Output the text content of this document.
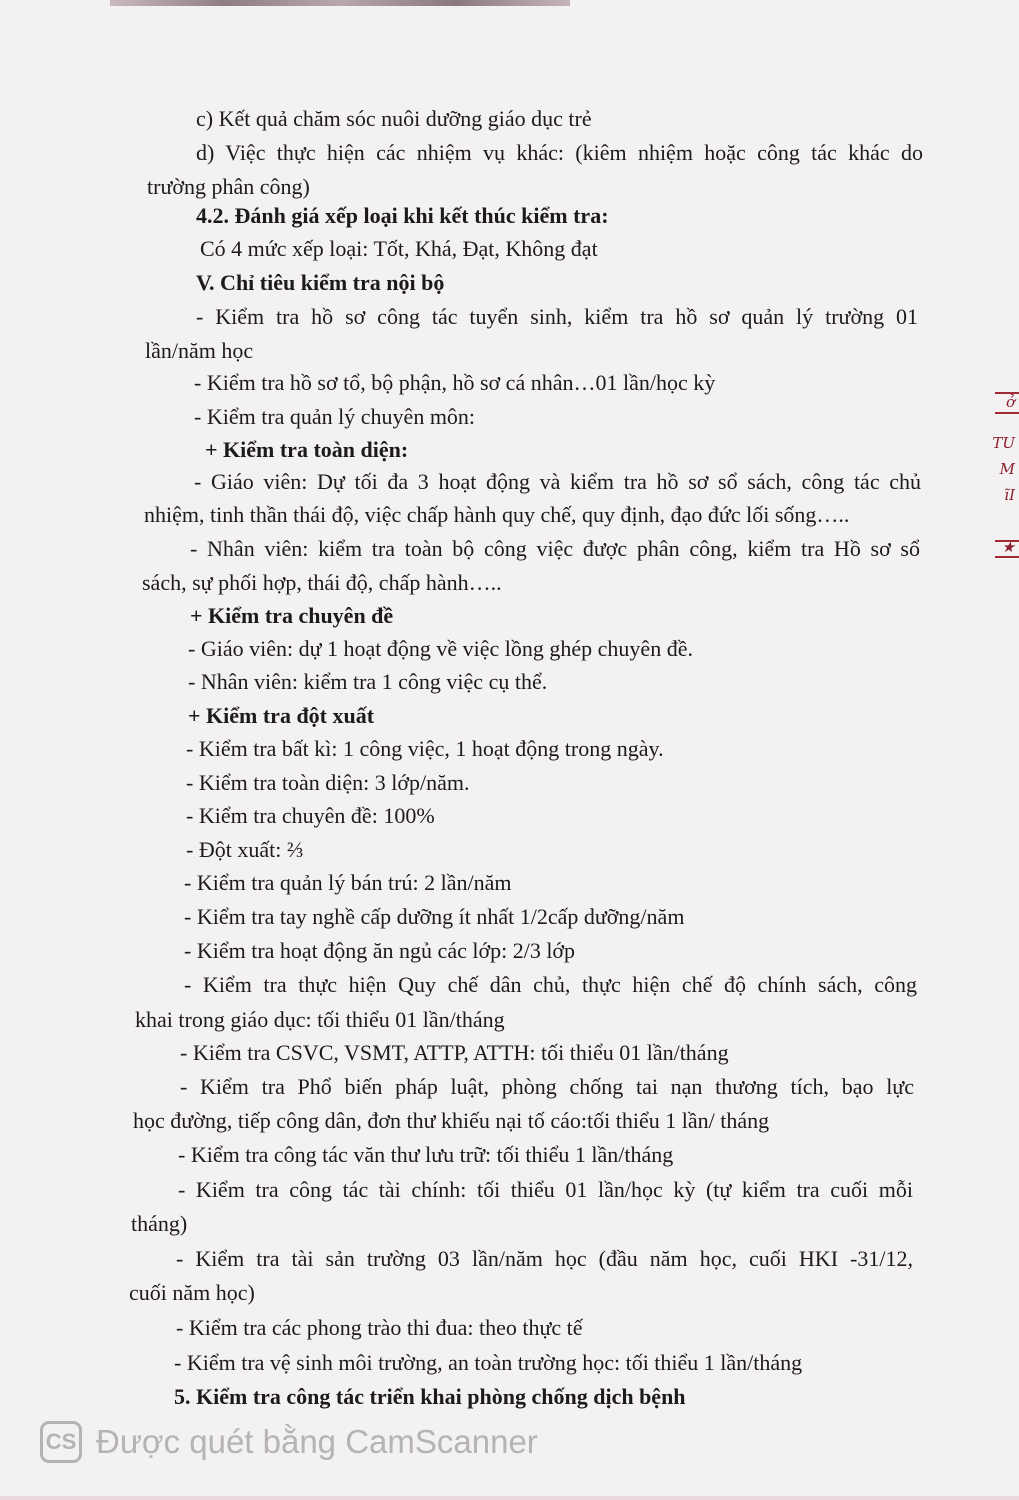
ở
TU
M
ĩI
★
c) Kết quả chăm sóc nuôi dưỡng giáo dục trẻ
d) Việc thực hiện các nhiệm vụ khác: (kiêm nhiệm hoặc công tác khác do
trường phân công)
4.2. Đánh giá xếp loại khi kết thúc kiểm tra:
Có 4 mức xếp loại: Tốt, Khá, Đạt, Không đạt
V. Chỉ tiêu kiểm tra nội bộ
- Kiểm tra hồ sơ công tác tuyển sinh, kiểm tra hồ sơ quản lý trường 01
lần/năm học
- Kiểm tra hồ sơ tổ, bộ phận, hồ sơ cá nhân…01 lần/học kỳ
- Kiểm tra quản lý chuyên môn:
+ Kiểm tra toàn diện:
- Giáo viên: Dự tối đa 3 hoạt động và kiểm tra hồ sơ sổ sách, công tác chủ
nhiệm, tinh thần thái độ, việc chấp hành quy chế, quy định, đạo đức lối sống…..
- Nhân viên: kiểm tra toàn bộ công việc được phân công, kiểm tra Hồ sơ sổ
sách, sự phối hợp, thái độ, chấp hành…..
+ Kiểm tra chuyên đề
- Giáo viên: dự 1 hoạt động về việc lồng ghép chuyên đề.
- Nhân viên: kiểm tra 1 công việc cụ thể.
+ Kiểm tra đột xuất
- Kiểm tra bất kì: 1 công việc, 1 hoạt động trong ngày.
- Kiểm tra toàn diện: 3 lớp/năm.
- Kiểm tra chuyên đề: 100%
- Đột xuất: ⅔
- Kiểm tra quản lý bán trú: 2 lần/năm
- Kiểm tra tay nghề cấp dưỡng ít nhất 1/2cấp dưỡng/năm
- Kiểm tra hoạt động ăn ngủ các lớp: 2/3 lớp
- Kiểm tra thực hiện Quy chế dân chủ, thực hiện chế độ chính sách, công
khai trong giáo dục: tối thiểu 01 lần/tháng
- Kiểm tra CSVC, VSMT, ATTP, ATTH: tối thiểu 01 lần/tháng
- Kiểm tra Phổ biến pháp luật, phòng chống tai nạn thương tích, bạo lực
học đường, tiếp công dân, đơn thư khiếu nại tố cáo:tối thiểu 1 lần/ tháng
- Kiểm tra công tác văn thư lưu trữ: tối thiểu 1 lần/tháng
- Kiểm tra công tác tài chính: tối thiểu 01 lần/học kỳ (tự kiểm tra cuối mỗi
tháng)
- Kiểm tra tài sản trường 03 lần/năm học (đầu năm học, cuối HKI -31/12,
cuối năm học)
- Kiểm tra các phong trào thi đua: theo thực tế
- Kiểm tra vệ sinh môi trường, an toàn trường học: tối thiểu 1 lần/tháng
5. Kiểm tra công tác triển khai phòng chống dịch bệnh
CS Được quét bằng CamScanner
